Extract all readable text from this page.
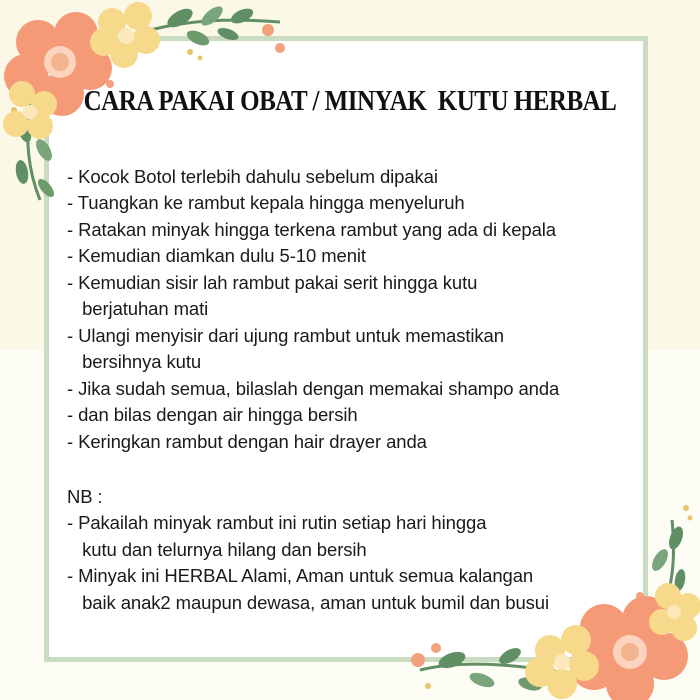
CARA PAKAI OBAT / MINYAK  KUTU HERBAL
- Kocok Botol terlebih dahulu sebelum dipakai
- Tuangkan ke rambut kepala hingga menyeluruh
- Ratakan minyak hingga terkena rambut yang ada di kepala
- Kemudian diamkan dulu 5-10 menit
- Kemudian sisir lah rambut pakai serit hingga kutu
berjatuhan mati
- Ulangi menyisir dari ujung rambut untuk memastikan
bersihnya kutu
- Jika sudah semua, bilaslah dengan memakai shampo anda
- dan bilas dengan air hingga bersih
- Keringkan rambut dengan hair drayer anda
NB :
- Pakailah minyak rambut ini rutin setiap hari hingga
kutu dan telurnya hilang dan bersih
- Minyak ini HERBAL Alami, Aman untuk semua kalangan
baik anak2 maupun dewasa, aman untuk bumil dan busui
